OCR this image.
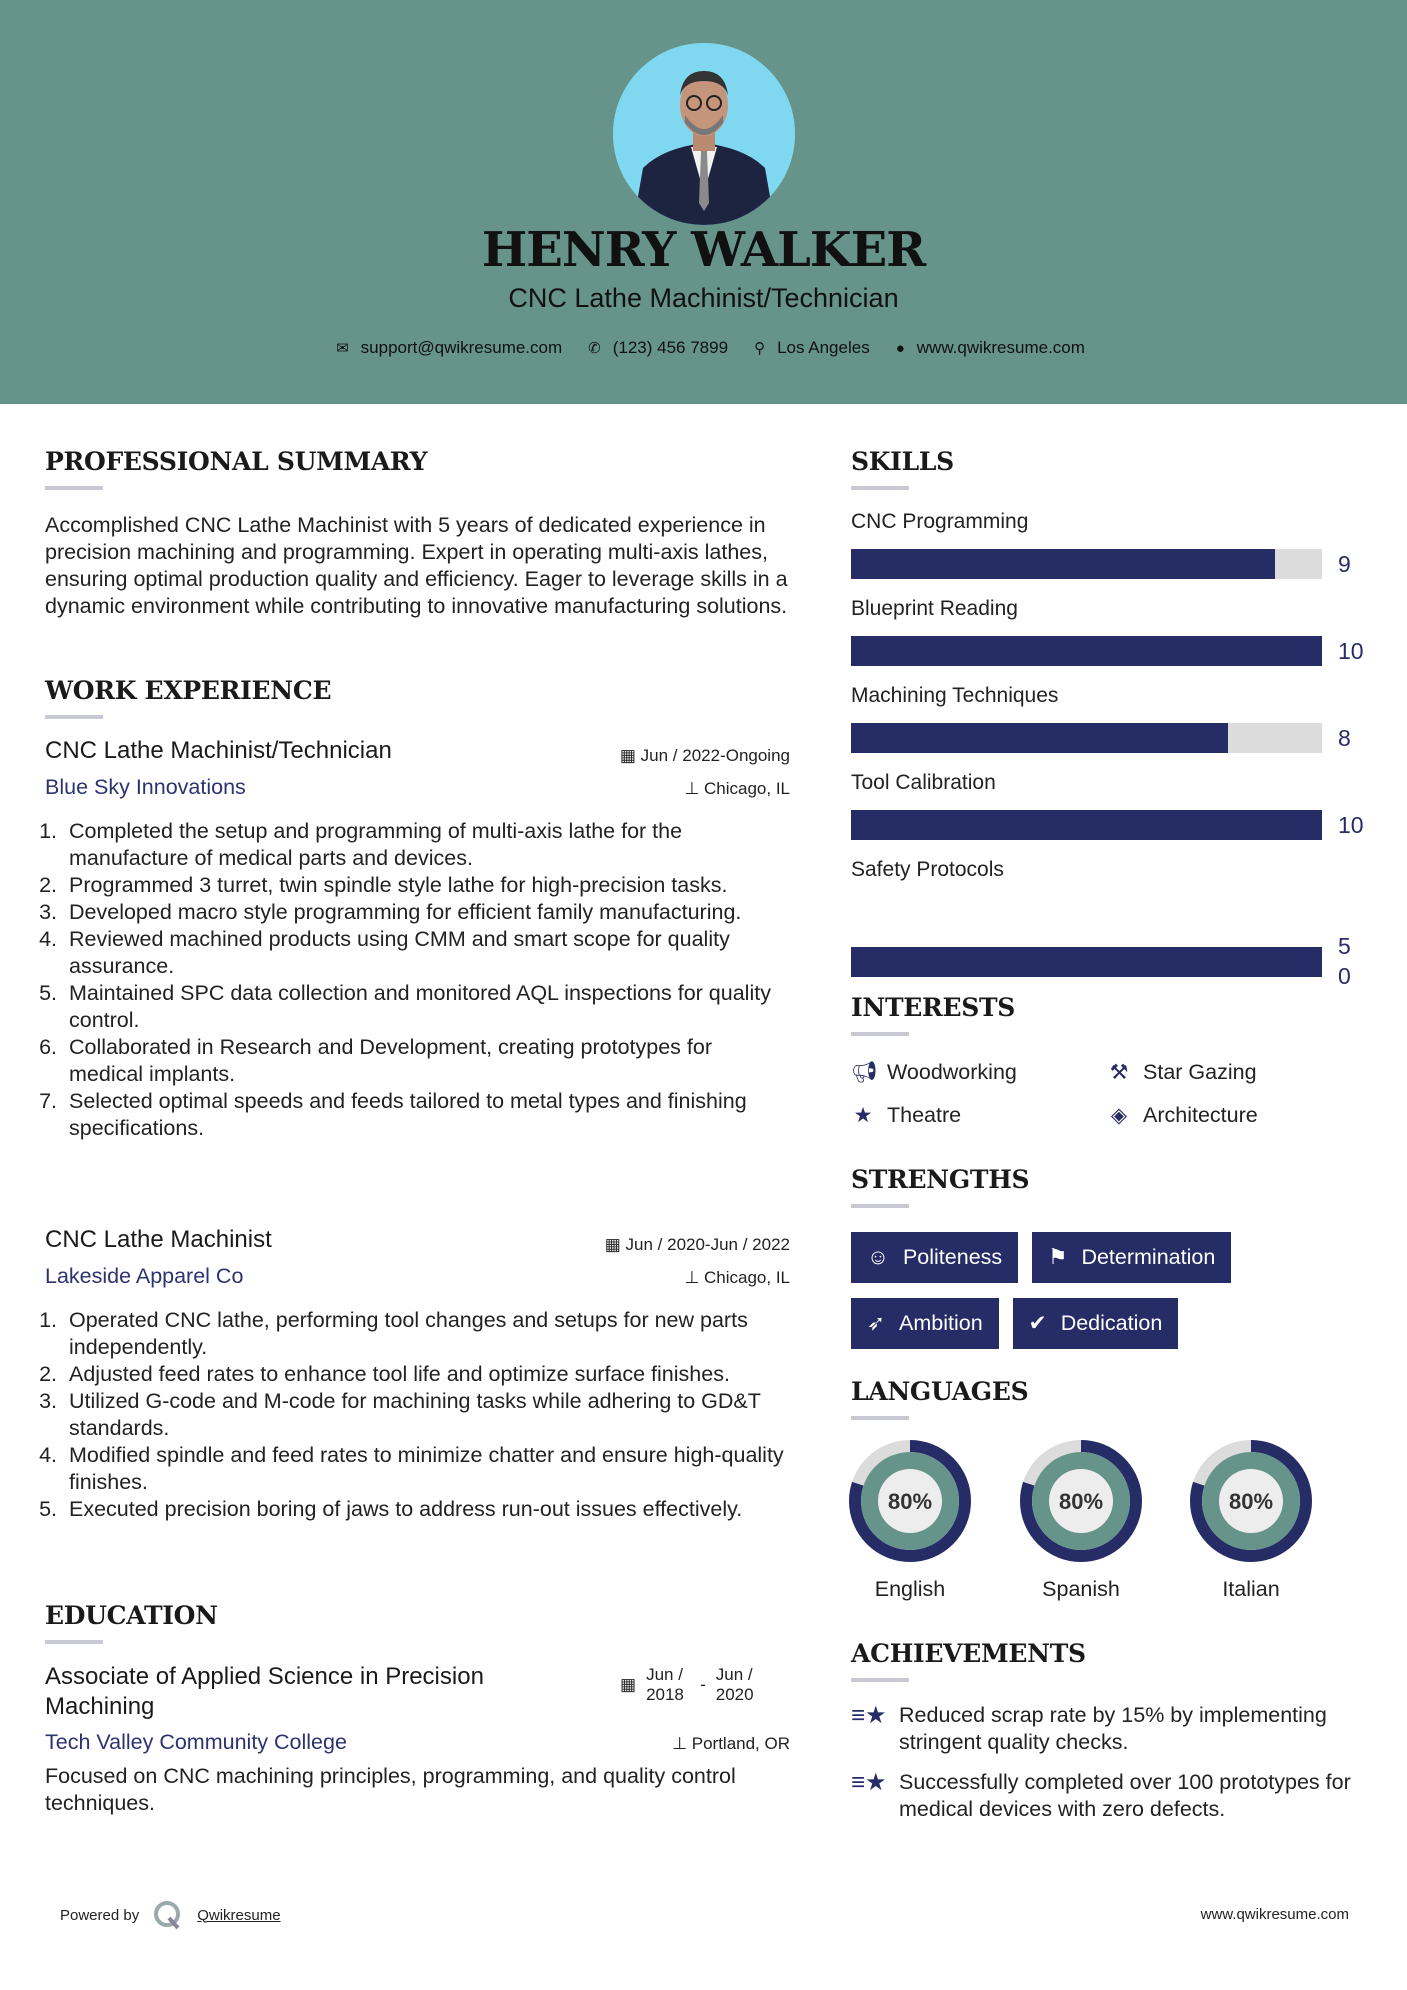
HENRY WALKER
CNC Lathe Machinist/Technician
✉ support@qwikresume.com ✆ (123) 456 7899 ⚲ Los Angeles ● www.qwikresume.com
PROFESSIONAL SUMMARY
Accomplished CNC Lathe Machinist with 5 years of dedicated experience in precision machining and programming. Expert in operating multi-axis lathes, ensuring optimal production quality and efficiency. Eager to leverage skills in a dynamic environment while contributing to innovative manufacturing solutions.
WORK EXPERIENCE
CNC Lathe Machinist/Technician	▦ Jun / 2022-Ongoing
Blue Sky Innovations	⊥ Chicago, IL
1. Completed the setup and programming of multi-axis lathe for the manufacture of medical parts and devices.
2. Programmed 3 turret, twin spindle style lathe for high-precision tasks.
3. Developed macro style programming for efficient family manufacturing.
4. Reviewed machined products using CMM and smart scope for quality assurance.
5. Maintained SPC data collection and monitored AQL inspections for quality control.
6. Collaborated in Research and Development, creating prototypes for medical implants.
7. Selected optimal speeds and feeds tailored to metal types and finishing specifications.
CNC Lathe Machinist	▦ Jun / 2020-Jun / 2022
Lakeside Apparel Co	⊥ Chicago, IL
1. Operated CNC lathe, performing tool changes and setups for new parts independently.
2. Adjusted feed rates to enhance tool life and optimize surface finishes.
3. Utilized G-code and M-code for machining tasks while adhering to GD&T standards.
4. Modified spindle and feed rates to minimize chatter and ensure high-quality finishes.
5. Executed precision boring of jaws to address run-out issues effectively.
EDUCATION
Associate of Applied Science in Precision Machining
Tech Valley Community College
Focused on CNC machining principles, programming, and quality control techniques.
▦
Jun / 2018
-
Jun / 2020
⊥ Portland, OR
SKILLS
CNC Programming
9
Blueprint Reading
10
Machining Techniques
8
Tool Calibration
10
Safety Protocols
5
0
INTERESTS
📢︎ Woodworking	⚒ Star Gazing
★ Theatre	◈ Architecture
STRENGTHS
☺ Politeness ⚑ Determination
➶ Ambition ✔ Dedication
LANGUAGES
80%
English
80%
Spanish
80%
Italian
ACHIEVEMENTS
≡★ Reduced scrap rate by 15% by implementing stringent quality checks.
≡★ Successfully completed over 100 prototypes for medical devices with zero defects.
Powered by	Qwikresume	www.qwikresume.com
